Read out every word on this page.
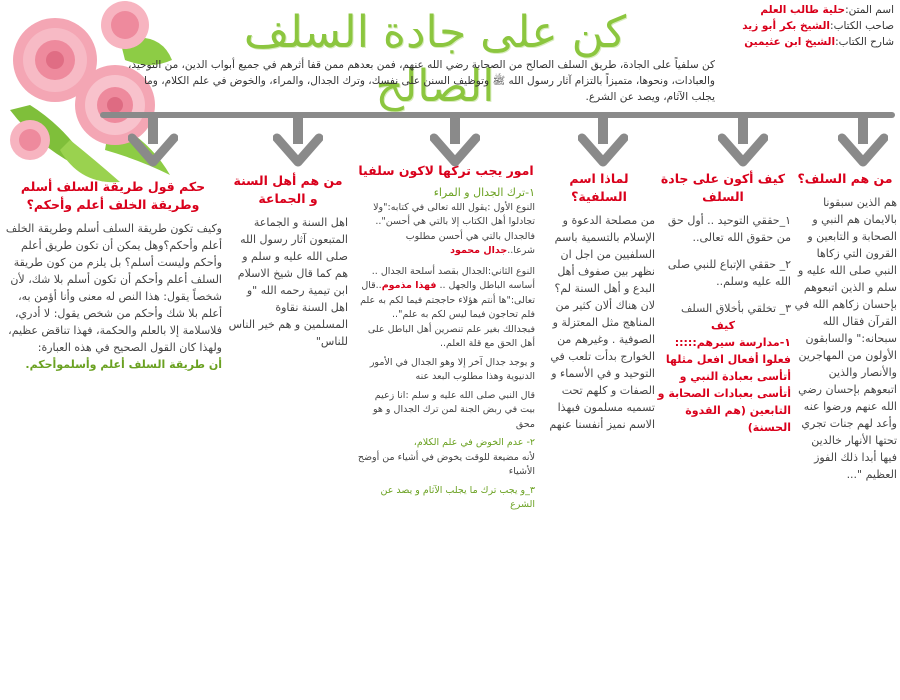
كن على جادة السلف الصالح
اسم المتن:حلية طالب العلم
صاحب الكتاب:الشيخ بكر أبو زيد
شارح الكتاب:الشيخ ابن عثيمين
كن سلفياً على الجادة، طريق السلف الصالح من الصحابة رضي الله عنهم، فمن بعدهم ممن قفا أثرهم في جميع أبواب الدين، من التوحيد، والعبادات، ونحوها، متميزاً بالتزام آثار رسول الله ﷺ وتوظيف السنن على نفسك، وترك الجدال، والمراء، والخوض في علم الكلام، وما يجلب الآثام، ويصد عن الشرع.
من هم السلف؟

هم الذين سبقونا بالايمان هم النبي و الصحابة و التابعين و القرون التي زكاها النبي صلى الله عليه و سلم و الذين اتبعوهم بإحسان زكاهم الله في القرآن فقال الله سبحانه:" والسابقون الأولون من المهاجرين والأنصار والذين اتبعوهم بإحسان رضي الله عنهم ورضوا عنه وأعد لهم جنات تجري تحتها الأنهار خالدين فيها أبدا ذلك الفوز العظيم "...

كيف أكون على جادة السلف

١_حققي التوحيد .. أول حق من حقوق الله تعالى..

٢_ حققي الإتباع للنبي صلى الله عليه وسلم..

٣_ تخلقي بأخلاق السلف

كيف

١-مدارسة سيرهم::::: فعلوا أفعال افعل مثلها أتأسى بعبادة النبي و أتأسى بعبادات الصحابة و التابعين (هم القدوة الحسنة)

لماذا اسم السلفية؟

من مصلحة الدعوة و الإسلام بالتسمية باسم السلفيين من اجل ان نظهر بين صفوف أهل البدع و أهل السنة لم؟ لان هناك ألان كثير من المناهج مثل المعتزلة و الصوفية . وغيرهم من الخوارج بدأت تلعب في التوحيد و في الأسماء و الصفات و كلهم تحت تسميه مسلمون فبهذا الاسم نميز أنفسنا عنهم

امور يجب تركها لاكون سلفيا

١-ترك الجدال و المراء

النوع الأول :يقول الله تعالى في كتابه:"ولا تجادلوا أهل الكتاب إلا بالتي هي أحسن".. فالجدال بالتي هي أحسن مطلوب شرعا..جدال محمود

النوع الثاني:الجدال بقصد أسلحة الجدال .. أساسه الباطل والجهل .. فهذا مذموم..قال تعالى:"ها أنتم هؤلاء حاججتم فيما لكم به علم فلم تحاجون فيما ليس لكم به علم".. فبجدالك بغير علم تنصرين أهل الباطل على أهل الحق مع قلة العلم..

و يوجد جدال آخر إلا وهو الجدال في الأمور الدنيوية وهذا مطلوب البعد عنه

قال النبي صلى الله عليه و سلم :انا زعيم بيت في ربض الجنة لمن ترك الجدال و هو محق

٢- عدم الخوض في علم الكلام،

لأنه مضيعة للوقت يخوض في أشياء من أوضح الأشياء

٣_و يجب ترك ما يجلب الآثام و يصد عن الشرع

من هم أهل السنة و الجماعة

اهل السنة و الجماعة المتبعون آثار رسول الله صلى الله عليه و سلم و هم كما قال شيخ الاسلام ابن تيمية رحمه الله "و اهل السنة نقاوة المسلمين و هم خير الناس للناس"

حكم قول طريقة السلف أسلم وطريقة الخلف أعلم وأحكم؟

وكيف تكون طريقة السلف أسلم وطريقة الخلف أعلم وأحكم؟وهل يمكن أن تكون طريق أعلم وأحكم وليست أسلم؟ بل يلزم من كون طريقة السلف أعلم وأحكم أن تكون أسلم بلا شك، لأن شخصاً يقول: هذا النص له معنى وأنا أؤمن به، أعلم بلا شك وأحكم من شخص يقول: لا أدري، فلاسلامة إلا بالعلم والحكمة، فهذا تناقض عظيم، ولهذا كان القول الصحيح في هذه العبارة:

أن طريقة السلف أعلم وأسلموأحكم.
